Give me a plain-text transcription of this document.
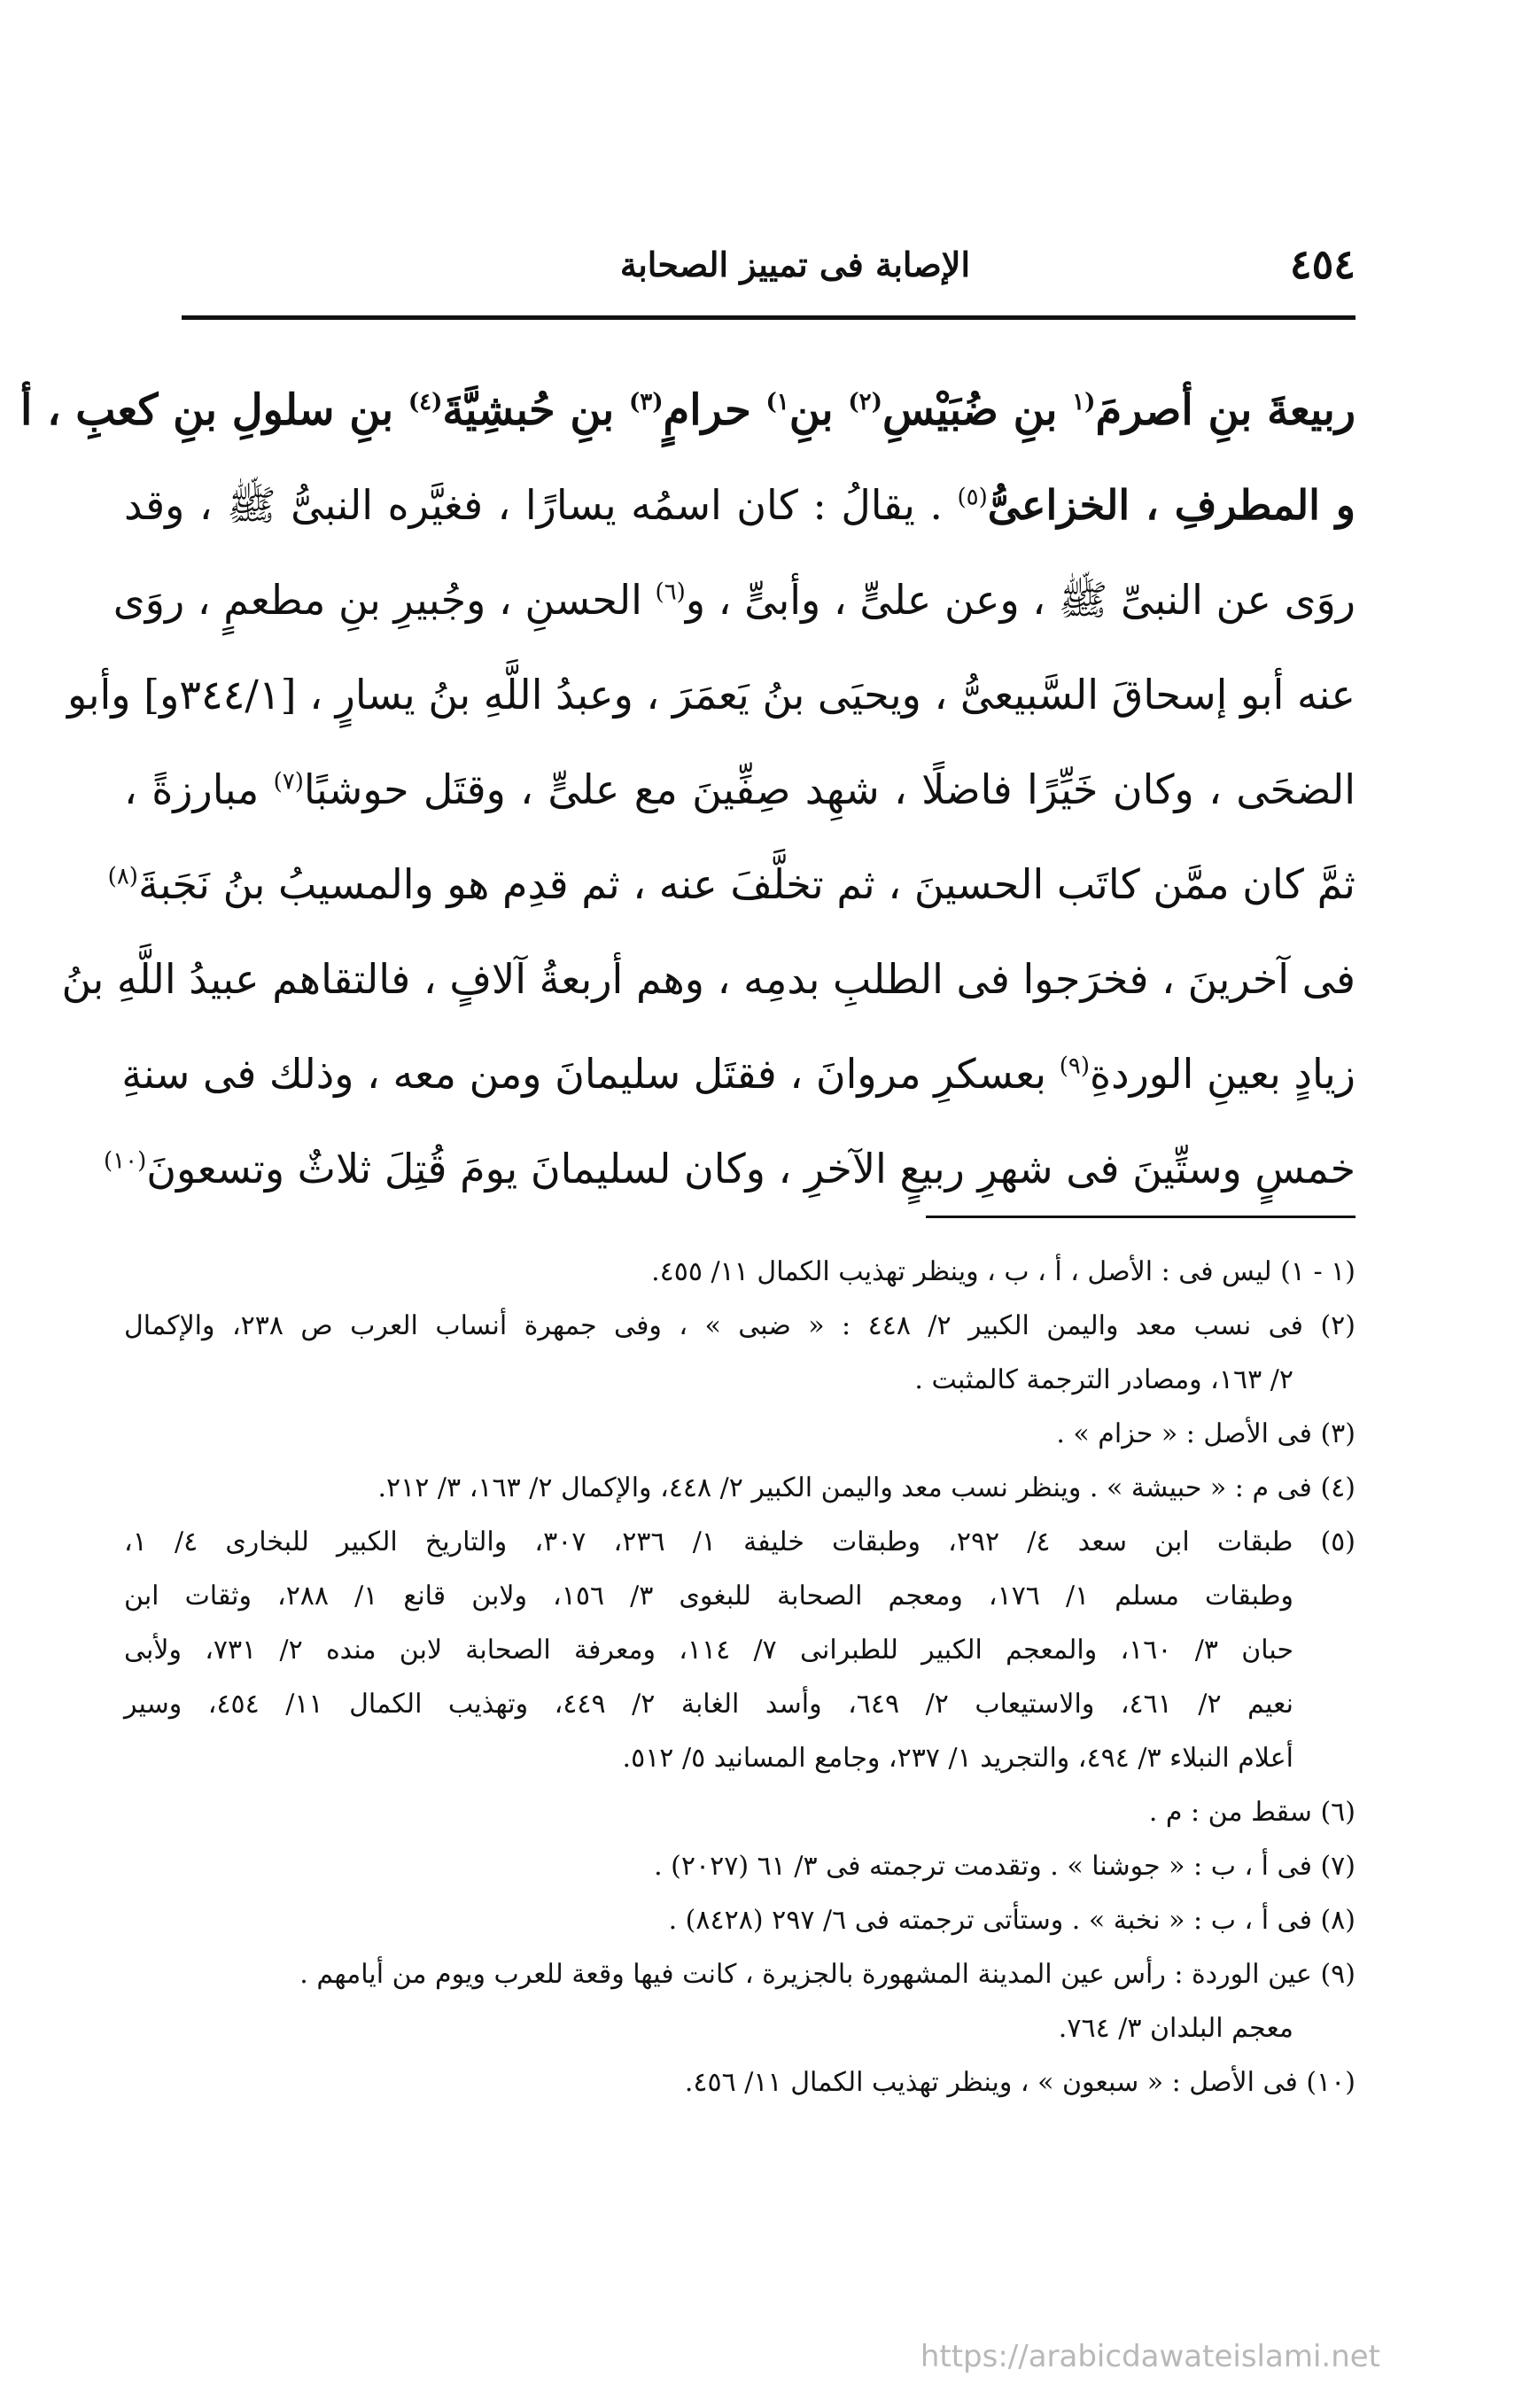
٤٥٤
الإصابة فى تمييز الصحابة
ربيعةَ بنِ أصرمَ$^{(١}$ بنِ ضُبَيْسِ$^{(٢)}$ بنِ$^{١)}$ حرامٍ$^{(٣)}$ بنِ حُبشِيَّةَ$^{(٤)}$ بنِ سلولِ بنِ كعبِ ، أ
و المطرفِ ، الخزاعىُّ$^{(٥)}$ . يقالُ : كان اسمُه يسارًا ، فغيَّره النبىُّ ﷺ ، وقد
روَى عن النبىِّ ﷺ ، وعن علىٍّ ، وأبىٍّ ، و$^{(٦)}$ الحسنِ ، وجُبيرِ بنِ مطعمٍ ، روَى
عنه أبو إسحاقَ السَّبيعىُّ ، ويحيَى بنُ يَعمَرَ ، وعبدُ اللَّهِ بنُ يسارٍ ، [٣٤٤/١و] وأبو
الضحَى ، وكان خَيِّرًا فاضلًا ، شهِد صِفِّينَ مع علىٍّ ، وقتَل حوشبًا$^{(٧)}$ مبارزةً ،
ثمَّ كان ممَّن كاتَب الحسينَ ، ثم تخلَّفَ عنه ، ثم قدِم هو والمسيبُ بنُ نَجَبةَ$^{(٨)}$
فى آخرينَ ، فخرَجوا فى الطلبِ بدمِه ، وهم أربعةُ آلافٍ ، فالتقاهم عبيدُ اللَّهِ بنُ
زيادٍ بعينِ الوردةِ$^{(٩)}$ بعسكرِ مروانَ ، فقتَل سليمانَ ومن معه ، وذلك فى سنةِ
خمسٍ وستِّينَ فى شهرِ ربيعٍ الآخرِ ، وكان لسليمانَ يومَ قُتِلَ ثلاثٌ وتسعونَ$^{(١٠)}$
(١ - ١) ليس فى : الأصل ، أ ، ب ، وينظر تهذيب الكمال ١١/ ٤٥٥.
(٢) فى نسب معد واليمن الكبير ٢/ ٤٤٨ : « ضبى » ، وفى جمهرة أنساب العرب ص ٢٣٨، والإكمال
٢/ ١٦٣، ومصادر الترجمة كالمثبت .
(٣) فى الأصل : « حزام » .
(٤) فى م : « حبيشة » . وينظر نسب معد واليمن الكبير ٢/ ٤٤٨، والإكمال ٢/ ١٦٣، ٣/ ٢١٢.
(٥) طبقات ابن سعد ٤/ ٢٩٢، وطبقات خليفة ١/ ٢٣٦، ٣٠٧، والتاريخ الكبير للبخارى ٤/ ١،
وطبقات مسلم ١/ ١٧٦، ومعجم الصحابة للبغوى ٣/ ١٥٦، ولابن قانع ١/ ٢٨٨، وثقات ابن
حبان ٣/ ١٦٠، والمعجم الكبير للطبرانى ٧/ ١١٤، ومعرفة الصحابة لابن منده ٢/ ٧٣١، ولأبى
نعيم ٢/ ٤٦١، والاستيعاب ٢/ ٦٤٩، وأسد الغابة ٢/ ٤٤٩، وتهذيب الكمال ١١/ ٤٥٤، وسير
أعلام النبلاء ٣/ ٤٩٤، والتجريد ١/ ٢٣٧، وجامع المسانيد ٥/ ٥١٢.
(٦) سقط من : م .
(٧) فى أ ، ب : « جوشنا » . وتقدمت ترجمته فى ٣/ ٦١ (٢٠٢٧) .
(٨) فى أ ، ب : « نخبة » . وستأتى ترجمته فى ٦/ ٢٩٧ (٨٤٢٨) .
(٩) عين الوردة : رأس عين المدينة المشهورة بالجزيرة ، كانت فيها وقعة للعرب ويوم من أيامهم .
معجم البلدان ٣/ ٧٦٤.
(١٠) فى الأصل : « سبعون » ، وينظر تهذيب الكمال ١١/ ٤٥٦.
https://arabicdawateislami.net
